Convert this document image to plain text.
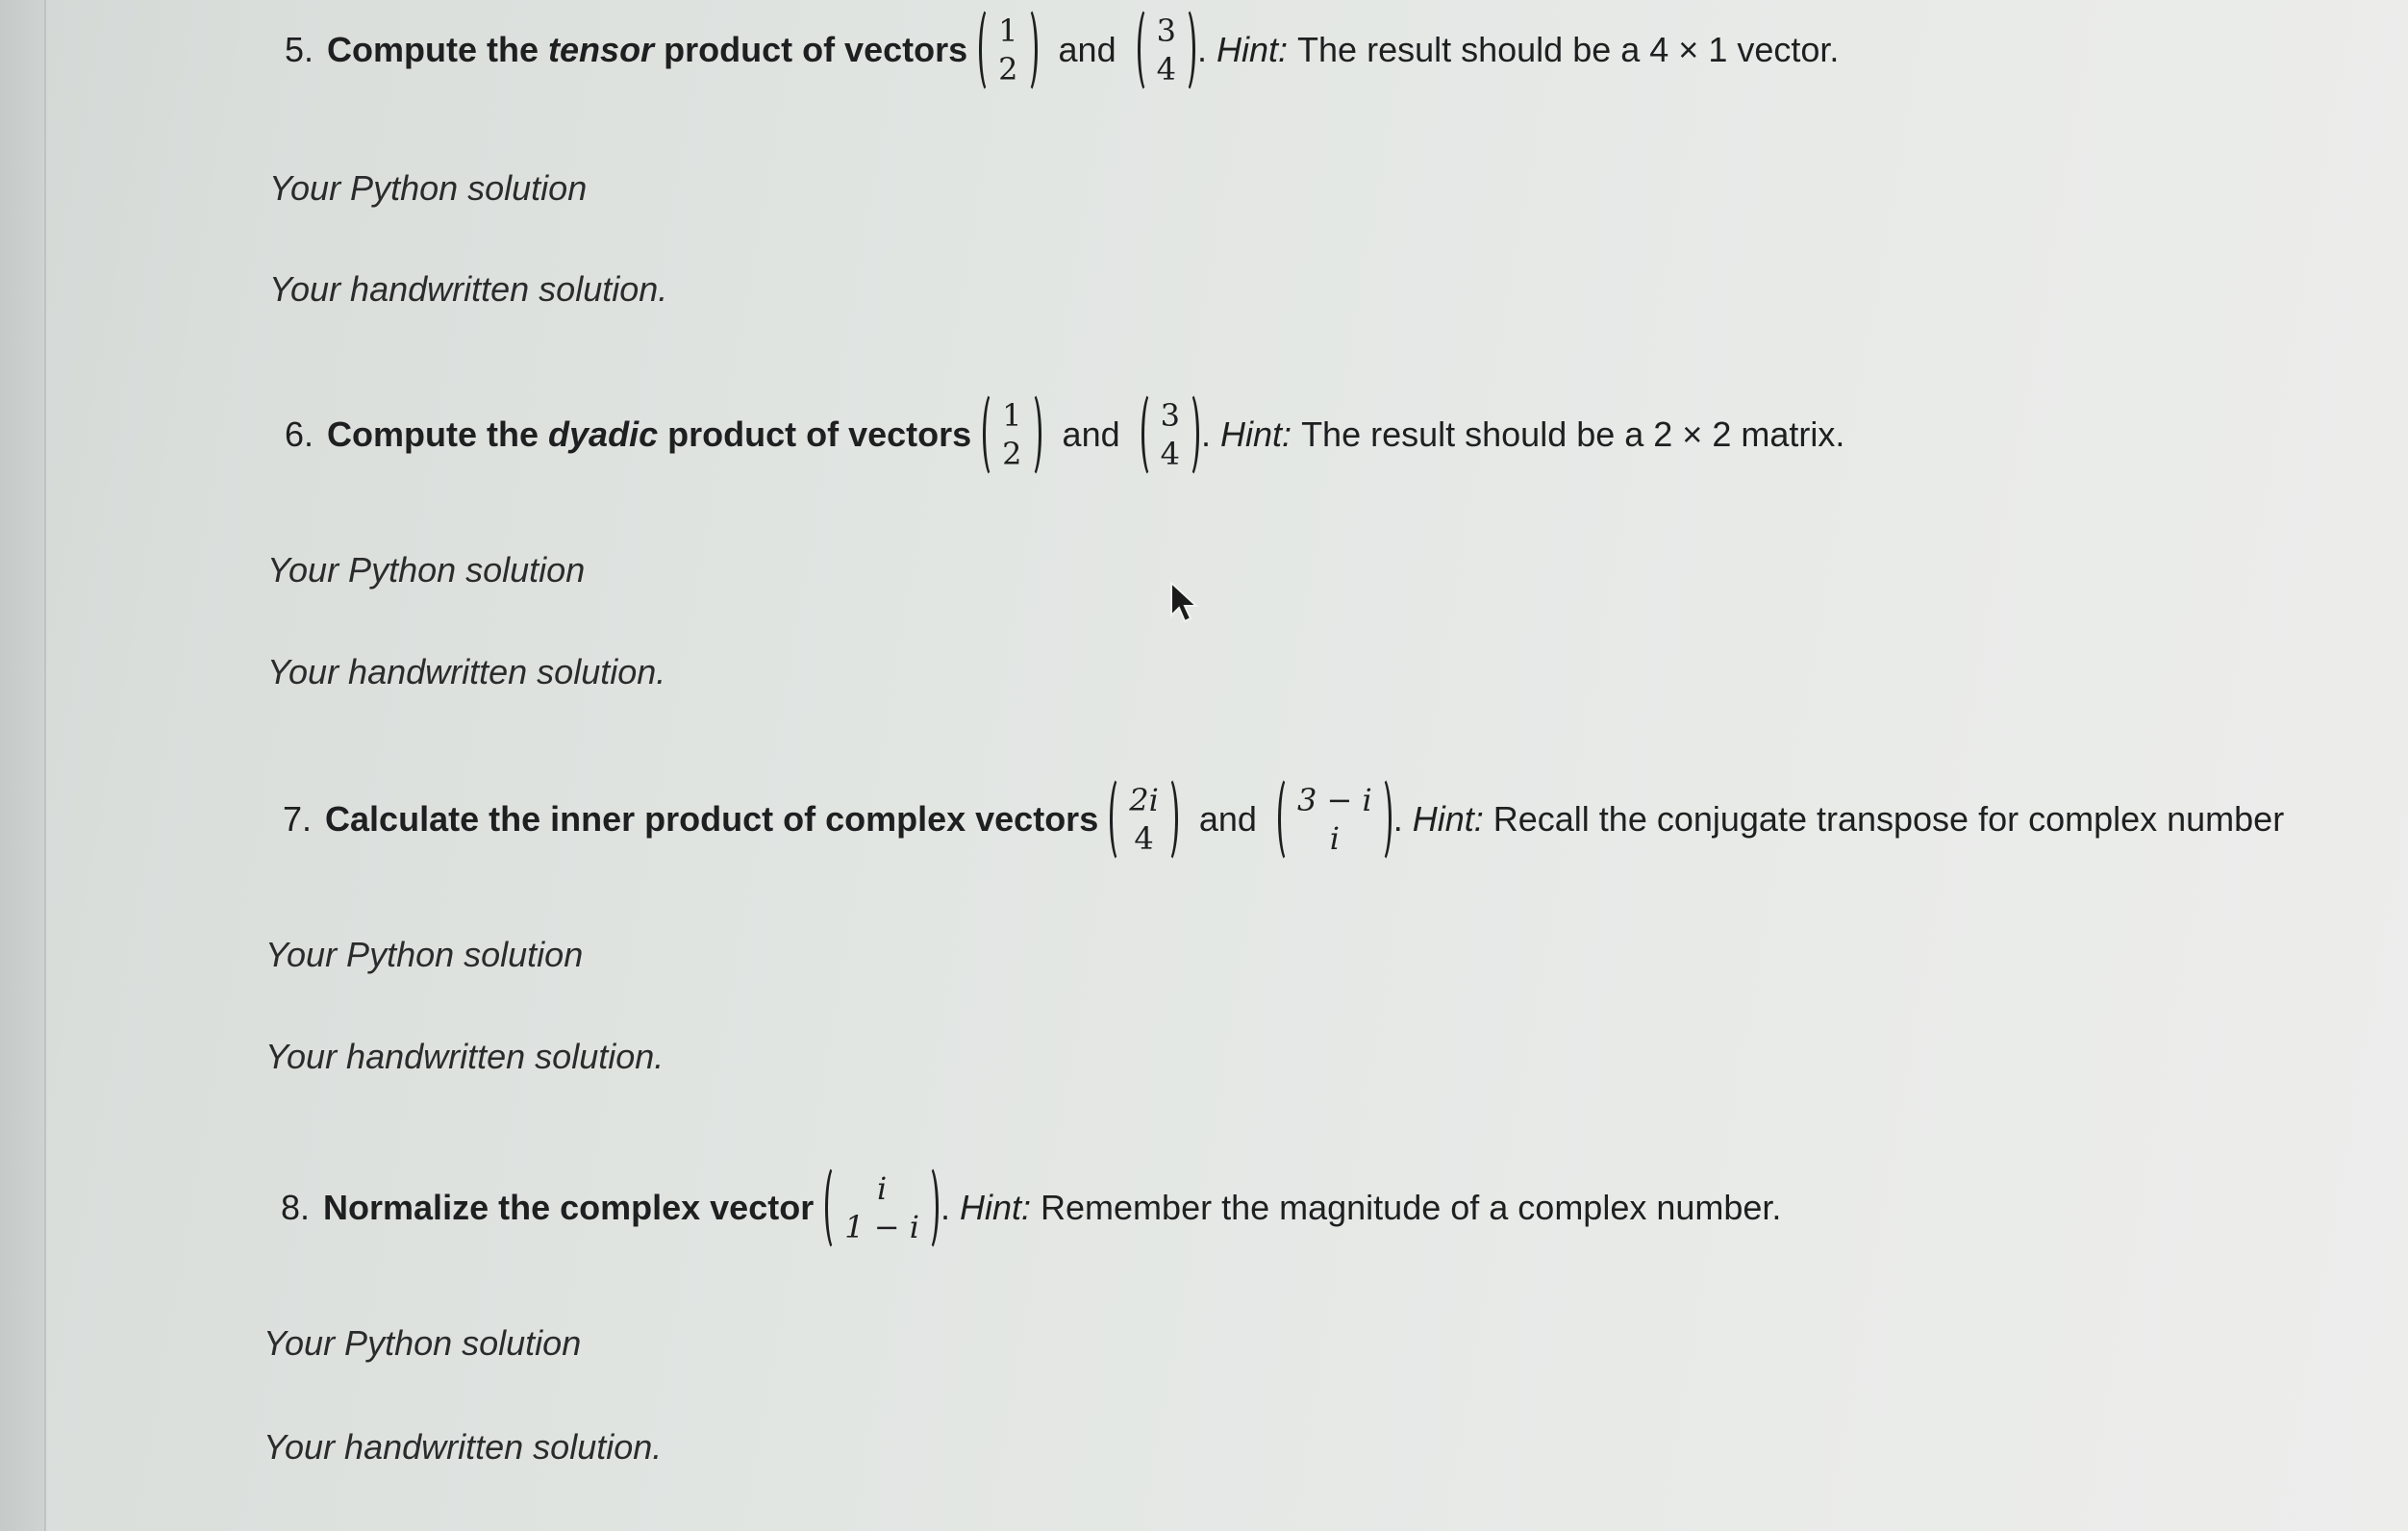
5. Compute the tensor product of vectors 1
2 and 3
4 . Hint: The result should be a 4 × 1 vector.
Your Python solution
Your handwritten solution.
6. Compute the dyadic product of vectors 1
2 and 3
4 . Hint: The result should be a 2 × 2 matrix.
Your Python solution
Your handwritten solution.
7. Calculate the inner product of complex vectors 2i
4 and 3 − i
i	. Hint: Recall the conjugate transpose for complex number
Your Python solution
Your handwritten solution.
8. Normalize the complex vector	i
1 − i . Hint: Remember the magnitude of a complex number.
Your Python solution
Your handwritten solution.
